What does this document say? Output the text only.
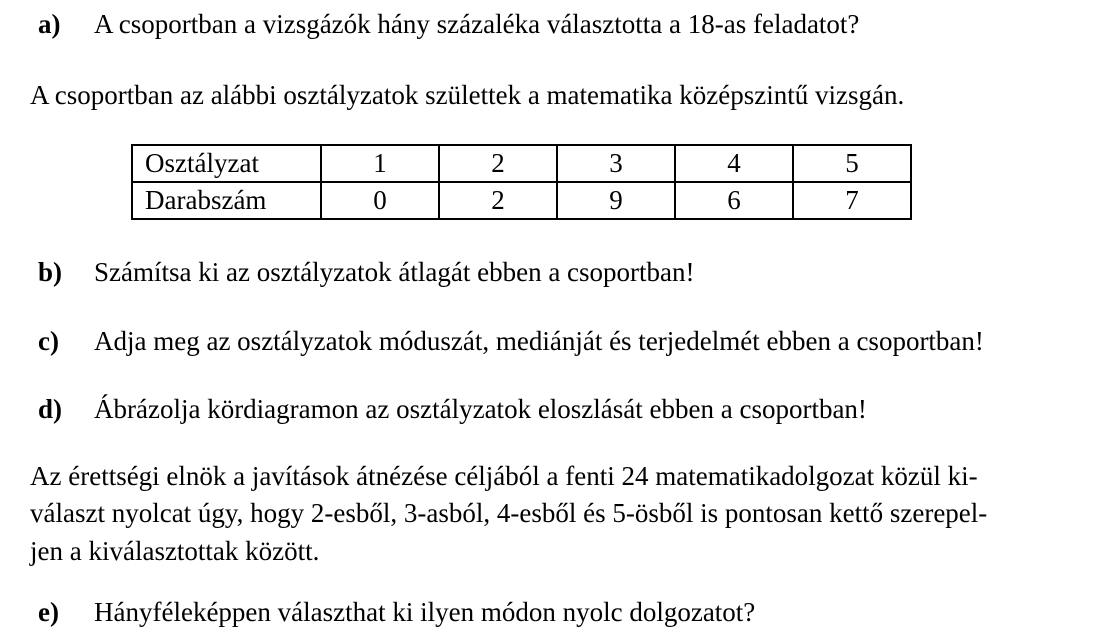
a) A csoportban a vizsgázók hány százaléka választotta a 18-as feladatot?
A csoportban az alábbi osztályzatok születtek a matematika középszintű vizsgán.
Osztályzat	1	2	3	4	5
Darabszám	0	2	9	6	7
b) Számítsa ki az osztályzatok átlagát ebben a csoportban!
c) Adja meg az osztályzatok móduszát, mediánját és terjedelmét ebben a csoportban!
d) Ábrázolja kördiagramon az osztályzatok eloszlását ebben a csoportban!
Az érettségi elnök a javítások átnézése céljából a fenti 24 matematikadolgozat közül ki-
választ nyolcat úgy, hogy 2-esből, 3-asból, 4-esből és 5-ösből is pontosan kettő szerepel-
jen a kiválasztottak között.
e) Hányféleképpen választhat ki ilyen módon nyolc dolgozatot?
